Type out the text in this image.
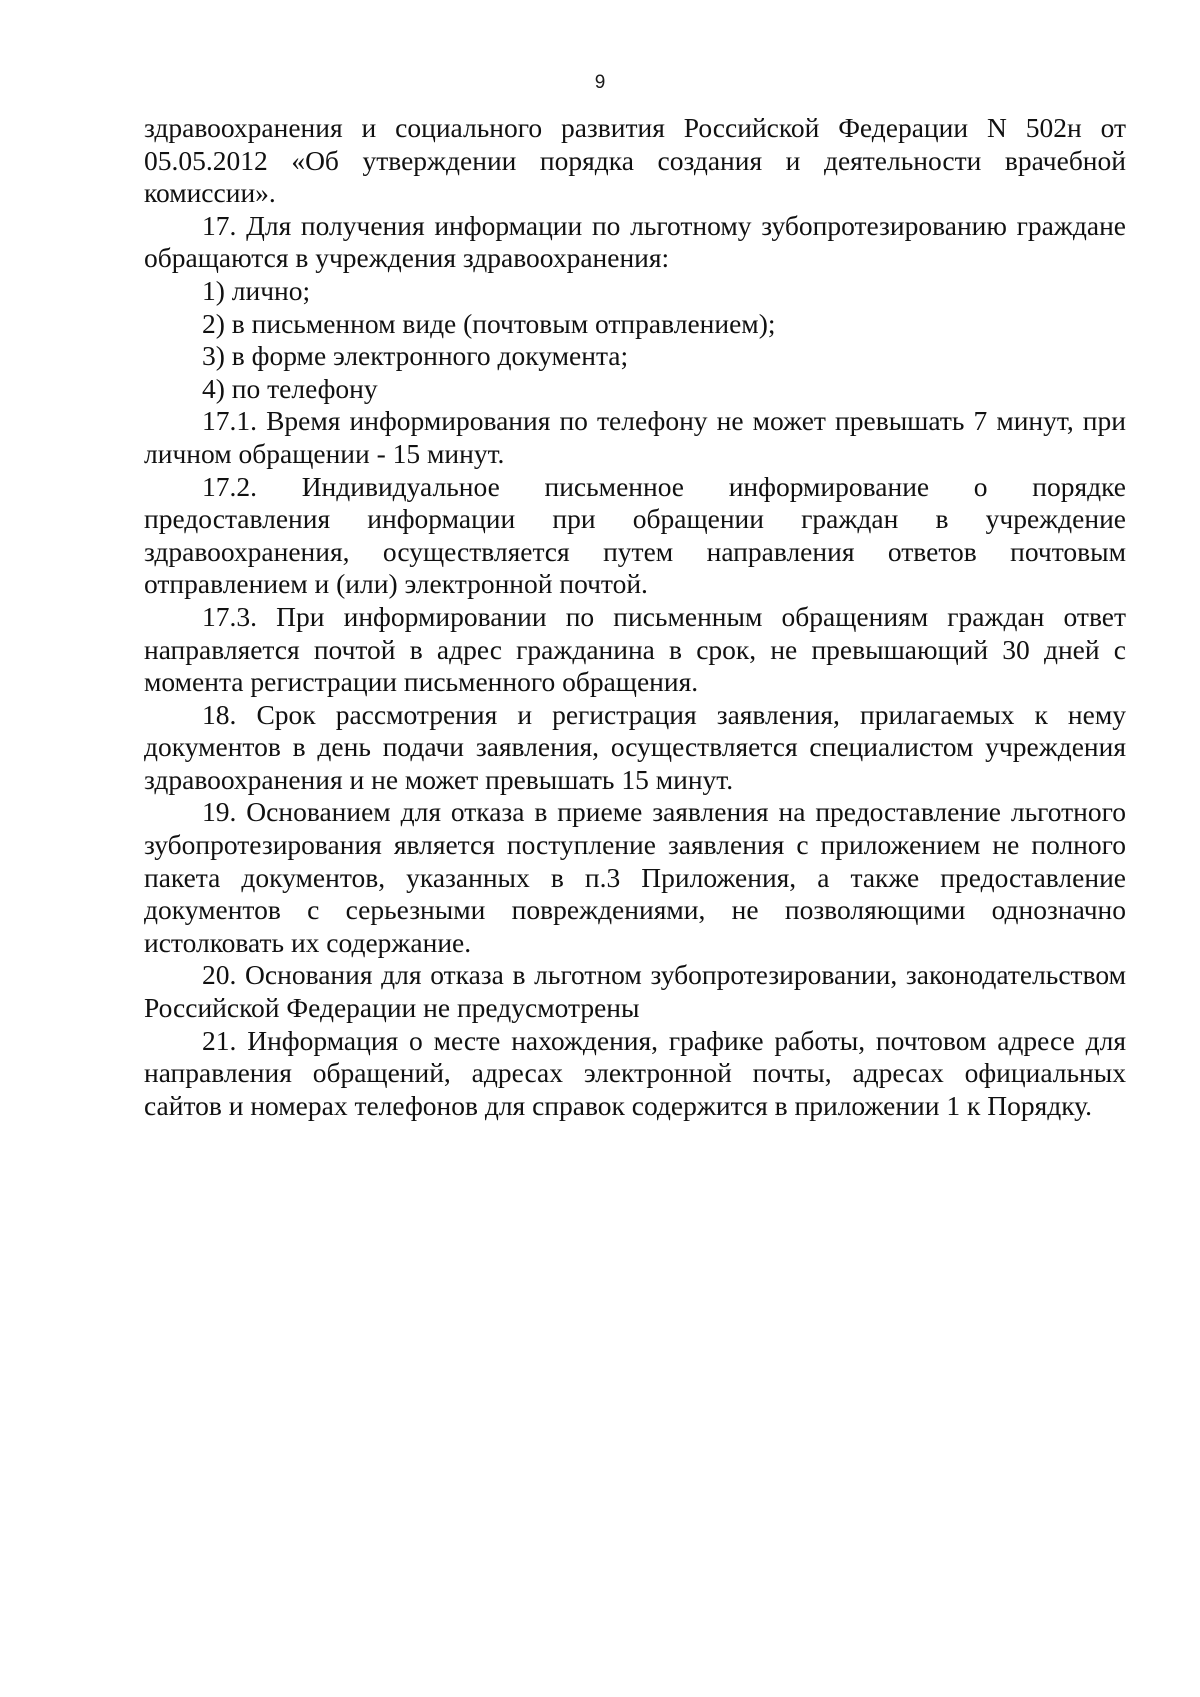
9

здравоохранения и социального развития Российской Федерации N 502н от 05.05.2012 «Об утверждении порядка создания и деятельности врачебной комиссии».

17. Для получения информации по льготному зубопротезированию граждане обращаются в учреждения здравоохранения:

1) лично;

2) в письменном виде (почтовым отправлением);

3) в форме электронного документа;

4) по телефону

17.1. Время информирования по телефону не может превышать 7 минут, при личном обращении - 15 минут.

17.2. Индивидуальное письменное информирование о порядке предоставления информации при обращении граждан в учреждение здравоохранения, осуществляется путем направления ответов почтовым отправлением и (или) электронной почтой.

17.3. При информировании по письменным обращениям граждан ответ направляется почтой в адрес гражданина в срок, не превышающий 30 дней с момента регистрации письменного обращения.

18. Срок рассмотрения и регистрация заявления, прилагаемых к нему документов в день подачи заявления, осуществляется специалистом учреждения здравоохранения и не может превышать 15 минут.

19. Основанием для отказа в приеме заявления на предоставление льготного зубопротезирования является поступление заявления с приложением не полного пакета документов, указанных в п.3 Приложения, а также предоставление документов с серьезными повреждениями, не позволяющими однозначно истолковать их содержание.

20. Основания для отказа в льготном зубопротезировании, законодательством Российской Федерации не предусмотрены

21. Информация о месте нахождения, графике работы, почтовом адресе для направления обращений, адресах электронной почты, адресах официальных сайтов и номерах телефонов для справок содержится в приложении 1 к Порядку.
